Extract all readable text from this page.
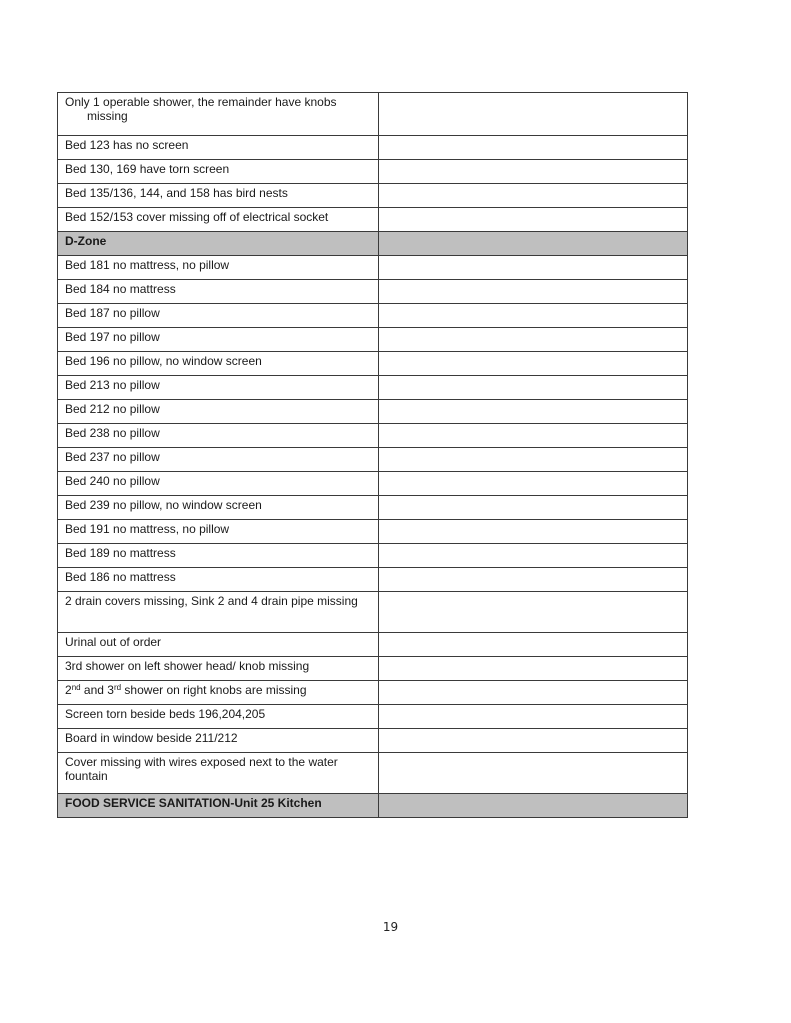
Only 1 operable shower, the remainder have knobs missing	

Bed 123 has no screen	
Bed 130, 169 have torn screen	
Bed 135/136, 144, and 158 has bird nests	
Bed 152/153 cover missing off of electrical socket	
D-Zone	
Bed 181 no mattress, no pillow	
Bed 184 no mattress	
Bed 187 no pillow	
Bed 197 no pillow	
Bed 196 no pillow, no window screen	
Bed 213 no pillow	
Bed 212 no pillow	
Bed 238 no pillow	
Bed 237 no pillow	
Bed 240 no pillow	
Bed 239 no pillow, no window screen	
Bed 191 no mattress, no pillow	
Bed 189 no mattress	
Bed 186 no mattress	
2 drain covers missing, Sink 2 and 4 drain pipe missing	
Urinal out of order	
3rd shower on left shower head/ knob missing	
2nd and 3rd shower on right knobs are missing	
Screen torn beside beds 196,204,205	
Board in window beside 211/212	
Cover missing with wires exposed next to the water fountain	
FOOD SERVICE SANITATION-Unit 25 Kitchen	
19
